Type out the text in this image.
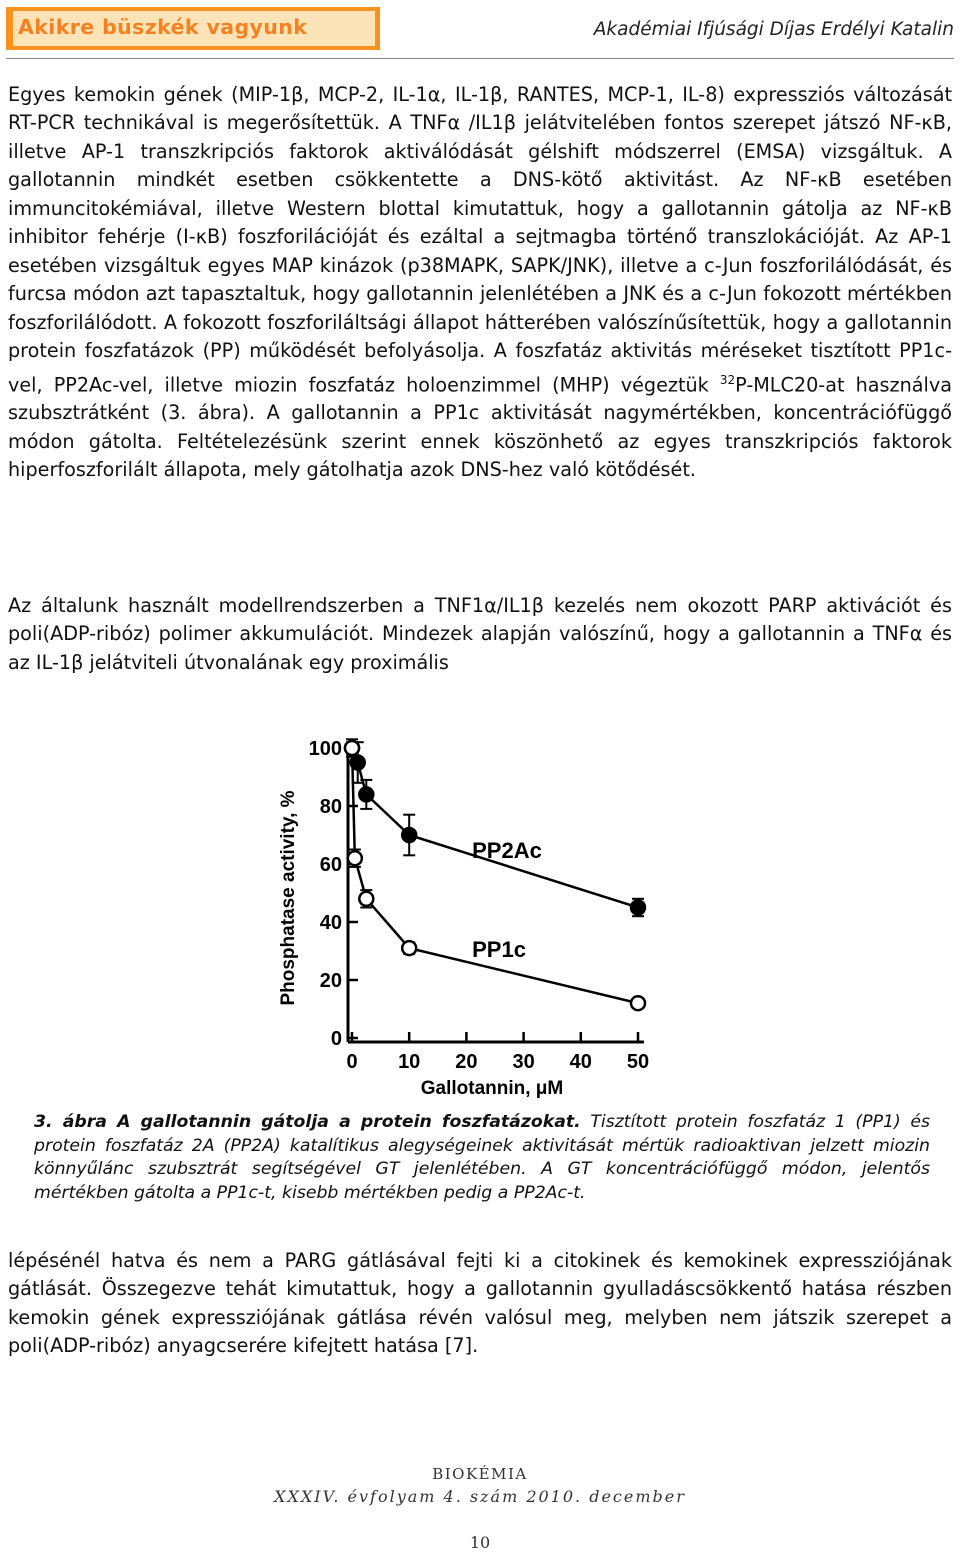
Akikre büszkék vagyunk	Akadémiai Ifjúsági Díjas Erdélyi Katalin

Egyes kemokin gének (MIP-1β, MCP-2, IL-1α, IL-1β, RANTES, MCP-1, IL-8) expressziós változását RT-PCR technikával is megerősítettük. A TNFα /IL1β jelátvitelében fontos szerepet játszó NF-κB, illetve AP-1 transzkripciós faktorok aktiválódását gélshift módszerrel (EMSA) vizsgáltuk. A gallotannin mindkét esetben csökkentette a DNS-kötő aktivitást. Az NF-κB esetében immuncitokémiával, illetve Western blottal kimutattuk, hogy a gallotannin gátolja az NF-κB inhibitor fehérje (I-κB) foszforilációját és ezáltal a sejtmagba történő transzlokációját. Az AP-1 esetében vizsgáltuk egyes MAP kinázok (p38MAPK, SAPK/JNK), illetve a c-Jun foszforilálódását, és furcsa módon azt tapasztaltuk, hogy gallotannin jelenlétében a JNK és a c-Jun fokozott mértékben foszforilálódott. A fokozott foszforiláltsági állapot hátterében valószínűsítettük, hogy a gallotannin protein foszfatázok (PP) működését befolyásolja. A foszfatáz aktivitás méréseket tisztított PP1c-vel, PP2Ac-vel, illetve miozin foszfatáz holoenzimmel (MHP) végeztük $^{32}$P-MLC20-at használva szubsztrátként (3. ábra). A gallotannin a PP1c aktivitását nagymértékben, koncentrációfüggő módon gátolta. Feltételezésünk szerint ennek köszönhető az egyes transzkripciós faktorok hiperfoszforilált állapota, mely gátolhatja azok DNS-hez való kötődését.

Az általunk használt modellrendszerben a TNF1α/IL1β kezelés nem okozott PARP aktivációt és poli(ADP-ribóz) polimer akkumulációt. Mindezek alapján valószínű, hogy a gallotannin a TNFα és az IL-1β jelátviteli útvonalának egy proximális

Phosphatase activity, %
Gallotannin, μM
0
20
40
60
80
100
0 10 20 30 40 50
PP2Ac
PP1c

3. ábra A gallotannin gátolja a protein foszfatázokat. Tisztított protein foszfatáz 1 (PP1) és protein foszfatáz 2A (PP2A) katalítikus alegységeinek aktivitását mértük radioaktivan jelzett miozin könnyűlánc szubsztrát segítségével GT jelenlétében. A GT koncentrációfüggő módon, jelentős mértékben gátolta a PP1c-t, kisebb mértékben pedig a PP2Ac-t.

lépésénél hatva és nem a PARG gátlásával fejti ki a citokinek és kemokinek expressziójának gátlását. Összegezve tehát kimutattuk, hogy a gallotannin gyulladáscsökkentő hatása részben kemokin gének expressziójának gátlása révén valósul meg, melyben nem játszik szerepet a poli(ADP-ribóz) anyagcserére kifejtett hatása [7].

BIOKÉMIA
XXXIV. évfolyam 4. szám 2010. december
10
